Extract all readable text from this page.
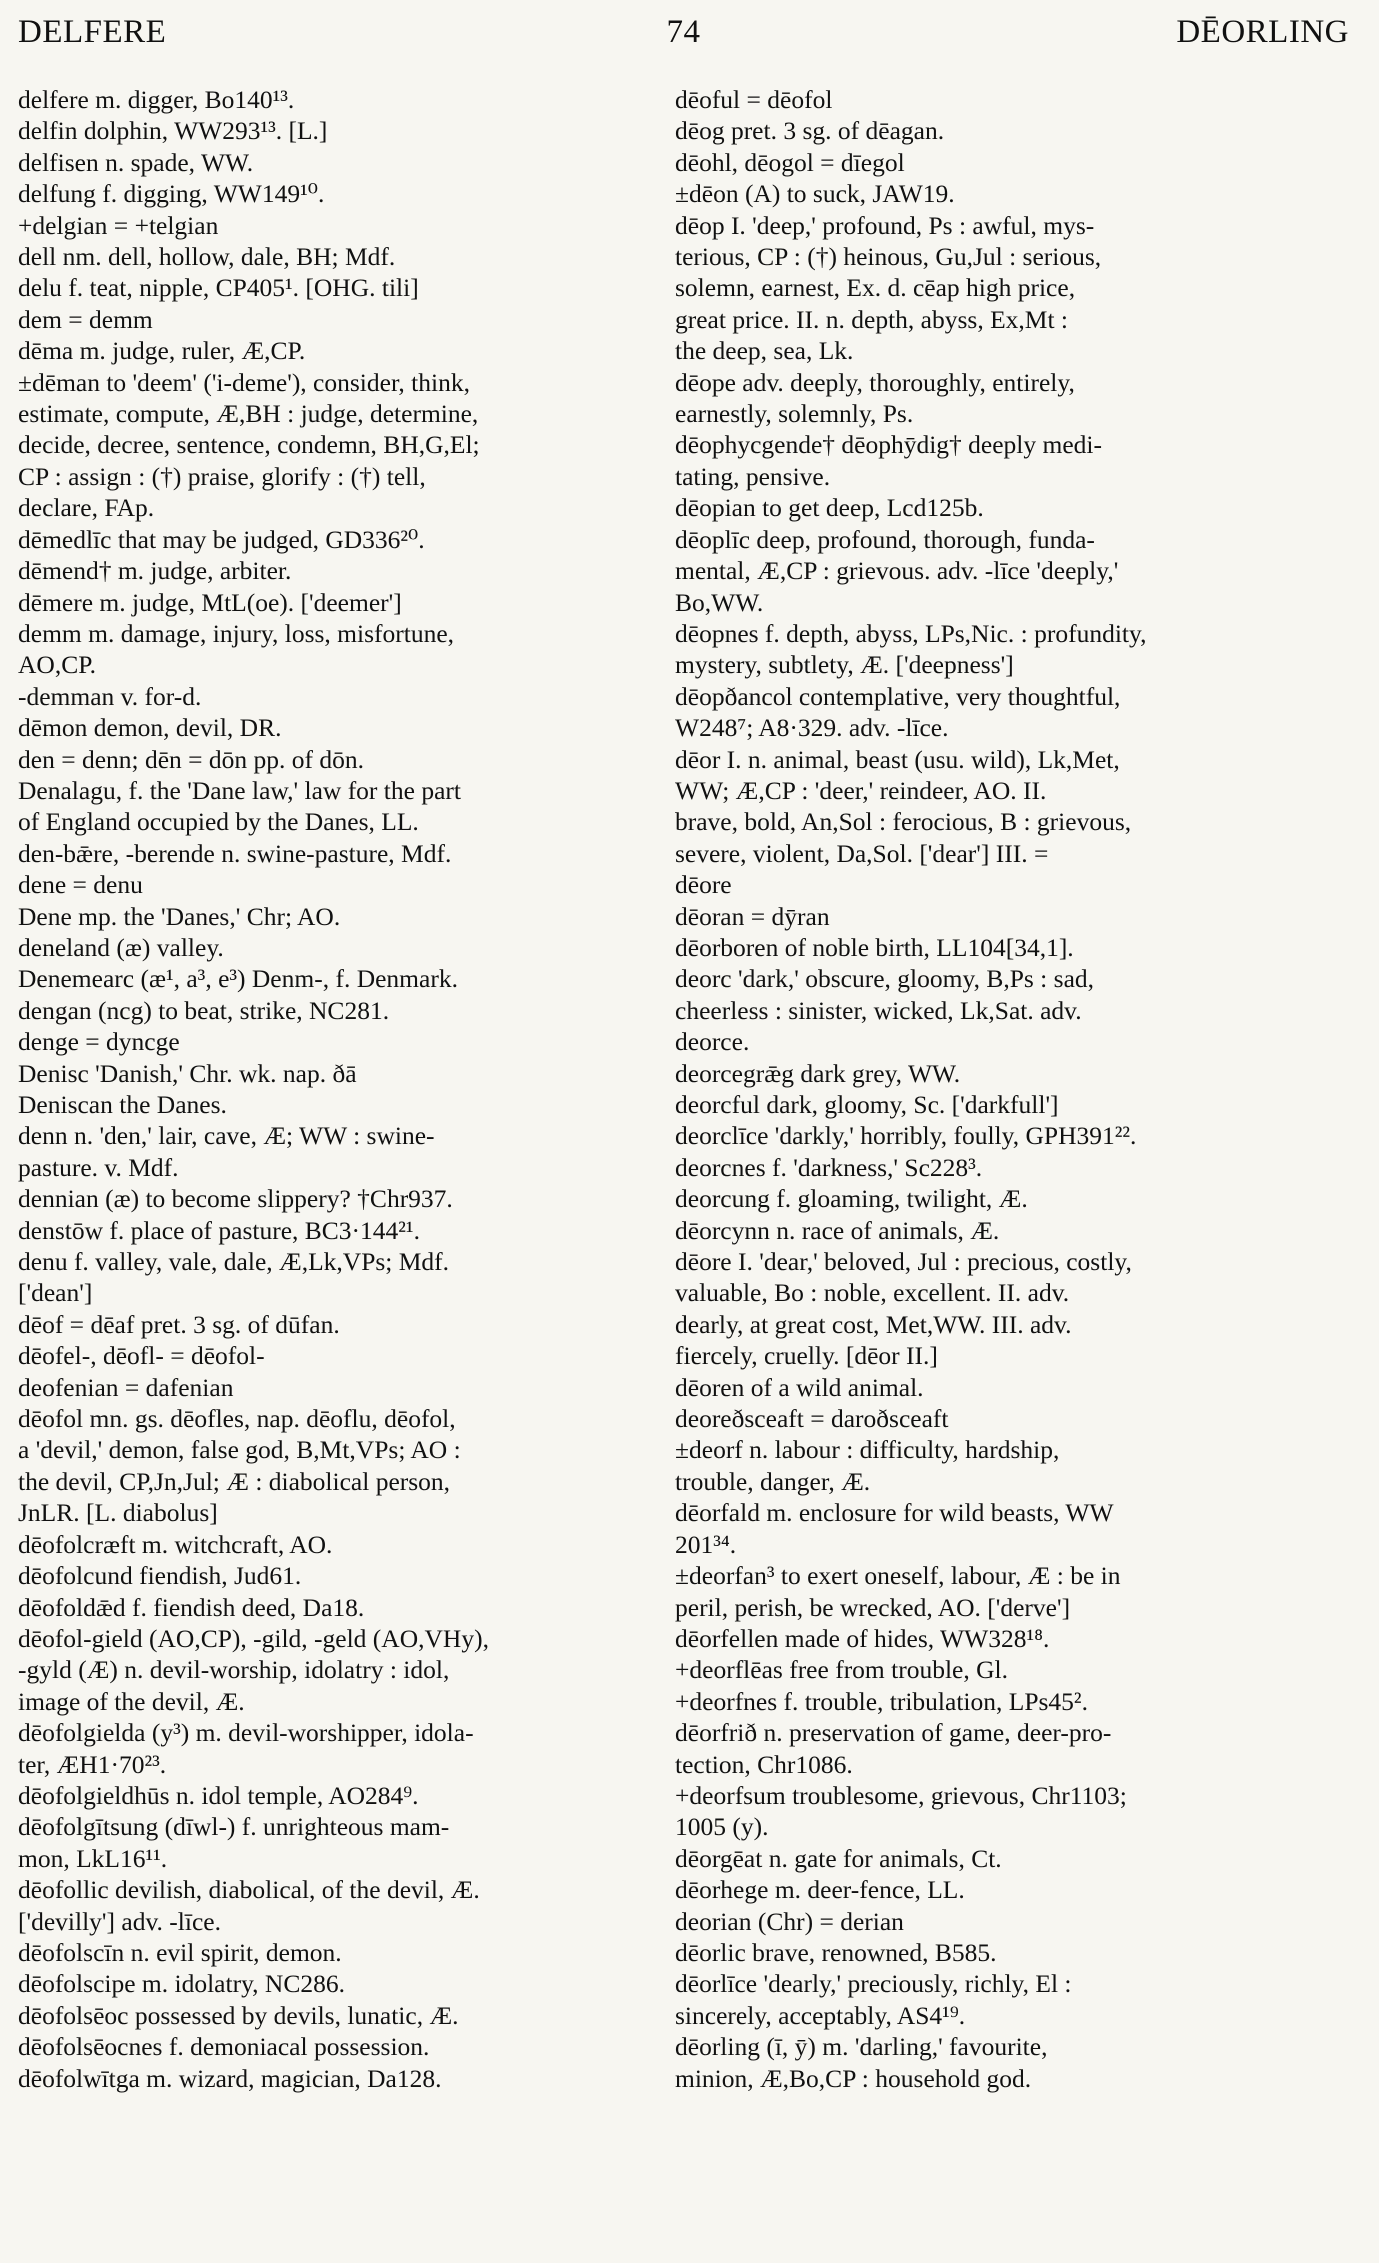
DELFERE	74	DĒORLING
delfere m. digger, Bo140¹³.
delfin dolphin, WW293¹³. [L.]
delfisen n. spade, WW.
delfung f. digging, WW149¹⁰.
+delgian = +telgian
dell nm. dell, hollow, dale, BH; Mdf.
delu f. teat, nipple, CP405¹. [OHG. tili]
dem = demm
dēma m. judge, ruler, Æ,CP.
±dēman to 'deem' ('i-deme'), consider, think,
estimate, compute, Æ,BH : judge, determine,
decide, decree, sentence, condemn, BH,G,El;
CP : assign : (†) praise, glorify : (†) tell,
declare, FAp.
dēmedlīc that may be judged, GD336²⁰.
dēmend† m. judge, arbiter.
dēmere m. judge, MtL(oe). ['deemer']
demm m. damage, injury, loss, misfortune,
AO,CP.
-demman v. for-d.
dēmon demon, devil, DR.
den = denn; dēn = dōn pp. of dōn.
Denalagu, f. the 'Dane law,' law for the part
of England occupied by the Danes, LL.
den-bǣre, -berende n. swine-pasture, Mdf.
dene = denu
Dene mp. the 'Danes,' Chr; AO.
deneland (æ) valley.
Denemearc (æ¹, a³, e³) Denm-, f. Denmark.
dengan (ncg) to beat, strike, NC281.
denge = dyncge
Denisc 'Danish,' Chr. wk. nap. ðā
Deniscan the Danes.
denn n. 'den,' lair, cave, Æ; WW : swine-
pasture. v. Mdf.
dennian (æ) to become slippery? †Chr937.
denstōw f. place of pasture, BC3·144²¹.
denu f. valley, vale, dale, Æ,Lk,VPs; Mdf.
['dean']
dēof = dēaf pret. 3 sg. of dūfan.
dēofel-, dēofl- = dēofol-
deofenian = dafenian
dēofol mn. gs. dēofles, nap. dēoflu, dēofol,
a 'devil,' demon, false god, B,Mt,VPs; AO :
the devil, CP,Jn,Jul; Æ : diabolical person,
JnLR. [L. diabolus]
dēofolcræft m. witchcraft, AO.
dēofolcund fiendish, Jud61.
dēofoldǣd f. fiendish deed, Da18.
dēofol-gield (AO,CP), -gild, -geld (AO,VHy),
-gyld (Æ) n. devil-worship, idolatry : idol,
image of the devil, Æ.
dēofolgielda (y³) m. devil-worshipper, idola-
ter, ÆH1·70²³.
dēofolgieldhūs n. idol temple, AO284⁹.
dēofolgītsung (dīwl-) f. unrighteous mam-
mon, LkL16¹¹.
dēofollic devilish, diabolical, of the devil, Æ.
['devilly'] adv. -līce.
dēofolscīn n. evil spirit, demon.
dēofolscipe m. idolatry, NC286.
dēofolsēoc possessed by devils, lunatic, Æ.
dēofolsēocnes f. demoniacal possession.
dēofolwītga m. wizard, magician, Da128.
dēoful = dēofol
dēog pret. 3 sg. of dēagan.
dēohl, dēogol = dīegol
±dēon (A) to suck, JAW19.
dēop I. 'deep,' profound, Ps : awful, mys-
terious, CP : (†) heinous, Gu,Jul : serious,
solemn, earnest, Ex. d. cēap high price,
great price. II. n. depth, abyss, Ex,Mt :
the deep, sea, Lk.
dēope adv. deeply, thoroughly, entirely,
earnestly, solemnly, Ps.
dēophycgende† dēophȳdig† deeply medi-
tating, pensive.
dēopian to get deep, Lcd125b.
dēoplīc deep, profound, thorough, funda-
mental, Æ,CP : grievous. adv. -līce 'deeply,'
Bo,WW.
dēopnes f. depth, abyss, LPs,Nic. : profundity,
mystery, subtlety, Æ. ['deepness']
dēopðancol contemplative, very thoughtful,
W248⁷; A8·329. adv. -līce.
dēor I. n. animal, beast (usu. wild), Lk,Met,
WW; Æ,CP : 'deer,' reindeer, AO. II.
brave, bold, An,Sol : ferocious, B : grievous,
severe, violent, Da,Sol. ['dear'] III. =
dēore
dēoran = dȳran
dēorboren of noble birth, LL104[34,1].
deorc 'dark,' obscure, gloomy, B,Ps : sad,
cheerless : sinister, wicked, Lk,Sat. adv.
deorce.
deorcegrǣg dark grey, WW.
deorcful dark, gloomy, Sc. ['darkfull']
deorclīce 'darkly,' horribly, foully, GPH391²².
deorcnes f. 'darkness,' Sc228³.
deorcung f. gloaming, twilight, Æ.
dēorcynn n. race of animals, Æ.
dēore I. 'dear,' beloved, Jul : precious, costly,
valuable, Bo : noble, excellent. II. adv.
dearly, at great cost, Met,WW. III. adv.
fiercely, cruelly. [dēor II.]
dēoren of a wild animal.
deoreðsceaft = daroðsceaft
±deorf n. labour : difficulty, hardship,
trouble, danger, Æ.
dēorfald m. enclosure for wild beasts, WW
201³⁴.
±deorfan³ to exert oneself, labour, Æ : be in
peril, perish, be wrecked, AO. ['derve']
dēorfellen made of hides, WW328¹⁸.
+deorflēas free from trouble, Gl.
+deorfnes f. trouble, tribulation, LPs45².
dēorfrið n. preservation of game, deer-pro-
tection, Chr1086.
+deorfsum troublesome, grievous, Chr1103;
1005 (y).
dēorgēat n. gate for animals, Ct.
dēorhege m. deer-fence, LL.
deorian (Chr) = derian
dēorlic brave, renowned, B585.
dēorlīce 'dearly,' preciously, richly, El :
sincerely, acceptably, AS4¹⁹.
dēorling (ī, ȳ) m. 'darling,' favourite,
minion, Æ,Bo,CP : household god.
